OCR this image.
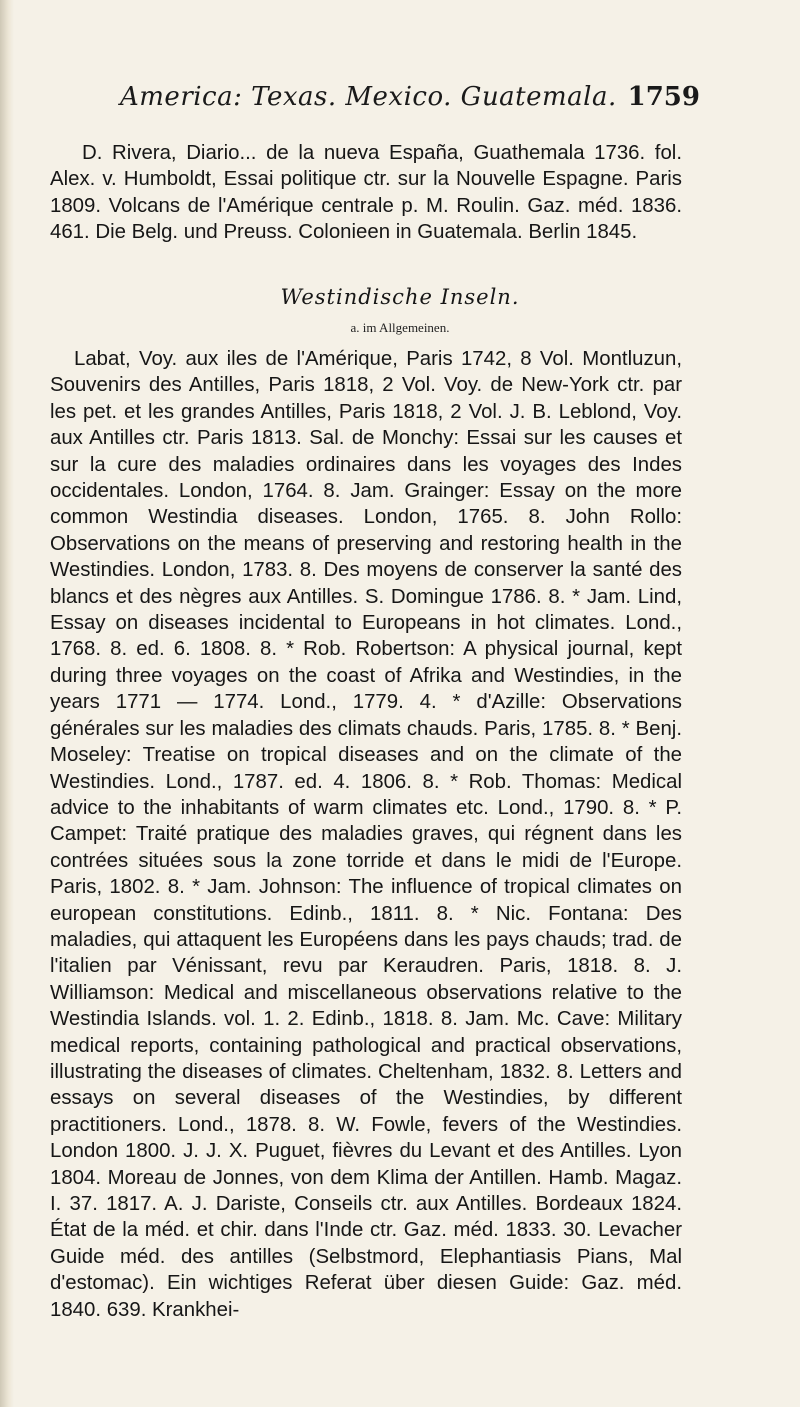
America: Texas. Mexico. Guatemala. 1759
D. Rivera, Diario... de la nueva España, Guathemala 1736. fol. Alex. v. Humboldt, Essai politique ctr. sur la Nouvelle Espagne. Paris 1809. Volcans de l'Amérique centrale p. M. Roulin. Gaz. méd. 1836. 461. Die Belg. und Preuss. Colonieen in Guatemala. Berlin 1845.
Westindische Inseln.
a. im Allgemeinen.
Labat, Voy. aux iles de l'Amérique, Paris 1742, 8 Vol. Montluzun, Souvenirs des Antilles, Paris 1818, 2 Vol. Voy. de New-York ctr. par les pet. et les grandes Antilles, Paris 1818, 2 Vol. J. B. Leblond, Voy. aux Antilles ctr. Paris 1813. Sal. de Monchy: Essai sur les causes et sur la cure des maladies ordinaires dans les voyages des Indes occidentales. London, 1764. 8. Jam. Grainger: Essay on the more common Westindia diseases. London, 1765. 8. John Rollo: Observations on the means of preserving and restoring health in the Westindies. London, 1783. 8. Des moyens de conserver la santé des blancs et des nègres aux Antilles. S. Domingue 1786. 8. * Jam. Lind, Essay on diseases incidental to Europeans in hot climates. Lond., 1768. 8. ed. 6. 1808. 8. * Rob. Robertson: A physical journal, kept during three voyages on the coast of Afrika and Westindies, in the years 1771 — 1774. Lond., 1779. 4. * d'Azille: Observations générales sur les maladies des climats chauds. Paris, 1785. 8. * Benj. Moseley: Treatise on tropical diseases and on the climate of the Westindies. Lond., 1787. ed. 4. 1806. 8. * Rob. Thomas: Medical advice to the inhabitants of warm climates etc. Lond., 1790. 8. * P. Campet: Traité pratique des maladies graves, qui régnent dans les contrées situées sous la zone torride et dans le midi de l'Europe. Paris, 1802. 8. * Jam. Johnson: The influence of tropical climates on european constitutions. Edinb., 1811. 8. * Nic. Fontana: Des maladies, qui attaquent les Européens dans les pays chauds; trad. de l'italien par Vénissant, revu par Keraudren. Paris, 1818. 8. J. Williamson: Medical and miscellaneous observations relative to the Westindia Islands. vol. 1. 2. Edinb., 1818. 8. Jam. Mc. Cave: Military medical reports, containing pathological and practical observations, illustrating the diseases of climates. Cheltenham, 1832. 8. Letters and essays on several diseases of the Westindies, by different practitioners. Lond., 1878. 8. W. Fowle, fevers of the Westindies. London 1800. J. J. X. Puguet, fièvres du Levant et des Antilles. Lyon 1804. Moreau de Jonnes, von dem Klima der Antillen. Hamb. Magaz. I. 37. 1817. A. J. Dariste, Conseils ctr. aux Antilles. Bordeaux 1824. État de la méd. et chir. dans l'Inde ctr. Gaz. méd. 1833. 30. Levacher Guide méd. des antilles (Selbstmord, Elephantiasis Pians, Mal d'estomac). Ein wichtiges Referat über diesen Guide: Gaz. méd. 1840. 639. Krankhei-
